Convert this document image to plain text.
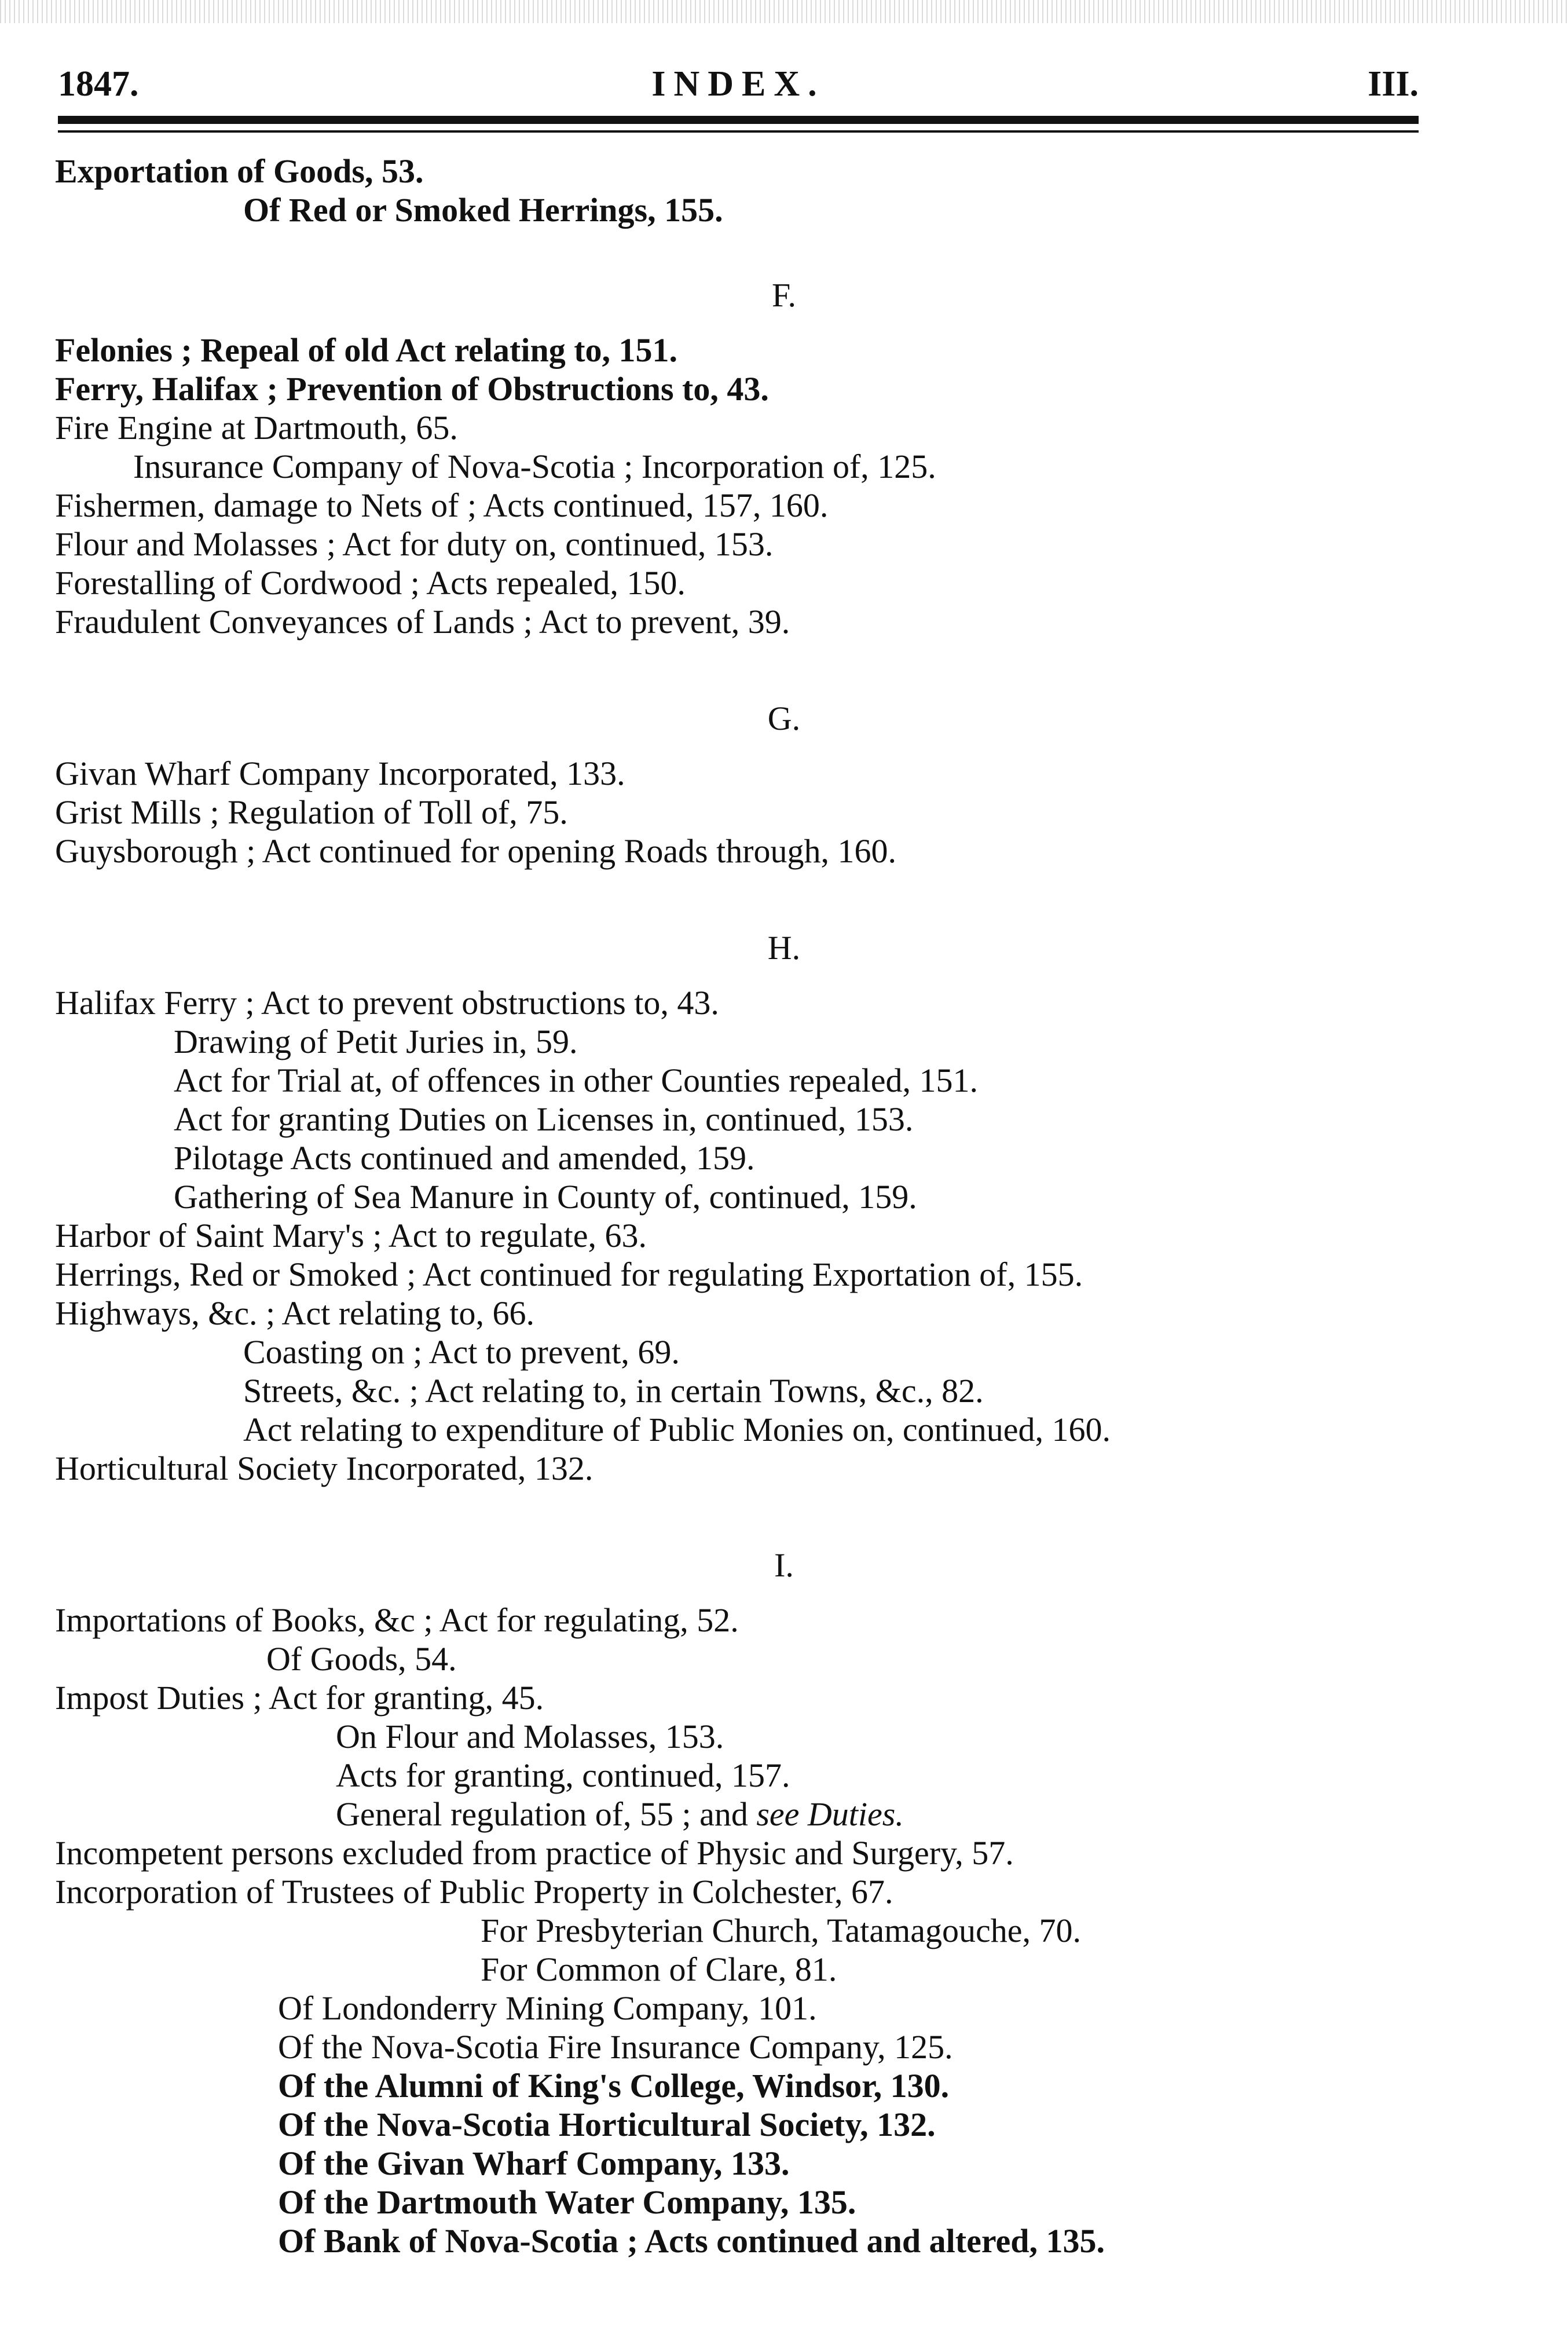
1847.	INDEX.	III.
Exportation of Goods, 53.
Of Red or Smoked Herrings, 155.
F.
Felonies ; Repeal of old Act relating to, 151.
Ferry, Halifax ; Prevention of Obstructions to, 43.
Fire Engine at Dartmouth, 65.
Insurance Company of Nova-Scotia ; Incorporation of, 125.
Fishermen, damage to Nets of ; Acts continued, 157, 160.
Flour and Molasses ; Act for duty on, continued, 153.
Forestalling of Cordwood ; Acts repealed, 150.
Fraudulent Conveyances of Lands ; Act to prevent, 39.
G.
Givan Wharf Company Incorporated, 133.
Grist Mills ; Regulation of Toll of, 75.
Guysborough ; Act continued for opening Roads through, 160.
H.
Halifax Ferry ; Act to prevent obstructions to, 43.
Drawing of Petit Juries in, 59.
Act for Trial at, of offences in other Counties repealed, 151.
Act for granting Duties on Licenses in, continued, 153.
Pilotage Acts continued and amended, 159.
Gathering of Sea Manure in County of, continued, 159.
Harbor of Saint Mary's ; Act to regulate, 63.
Herrings, Red or Smoked ; Act continued for regulating Exportation of, 155.
Highways, &c. ; Act relating to, 66.
Coasting on ; Act to prevent, 69.
Streets, &c. ; Act relating to, in certain Towns, &c., 82.
Act relating to expenditure of Public Monies on, continued, 160.
Horticultural Society Incorporated, 132.
I.
Importations of Books, &c ; Act for regulating, 52.
Of Goods, 54.
Impost Duties ; Act for granting, 45.
On Flour and Molasses, 153.
Acts for granting, continued, 157.
General regulation of, 55 ; and see Duties.
Incompetent persons excluded from practice of Physic and Surgery, 57.
Incorporation of Trustees of Public Property in Colchester, 67.
For Presbyterian Church, Tatamagouche, 70.
For Common of Clare, 81.
Of Londonderry Mining Company, 101.
Of the Nova-Scotia Fire Insurance Company, 125.
Of the Alumni of King's College, Windsor, 130.
Of the Nova-Scotia Horticultural Society, 132.
Of the Givan Wharf Company, 133.
Of the Dartmouth Water Company, 135.
Of Bank of Nova-Scotia ; Acts continued and altered, 135.
